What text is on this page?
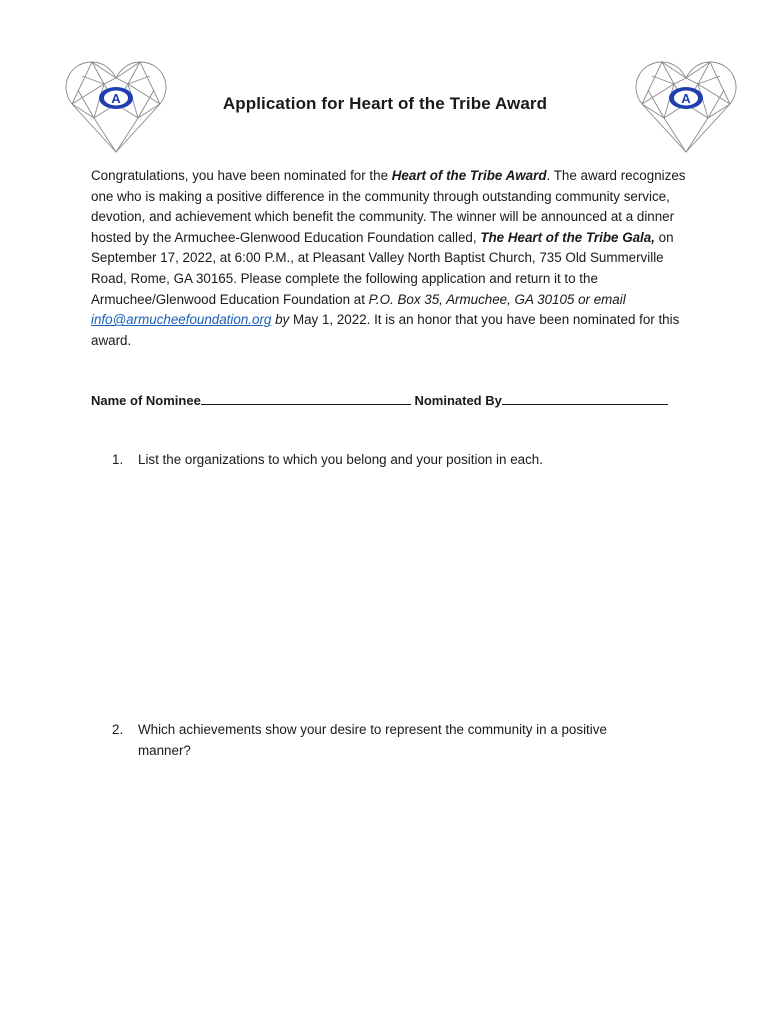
A	A
Application for Heart of the Tribe Award
Congratulations, you have been nominated for the Heart of the Tribe Award. The award recognizes one who is making a positive difference in the community through outstanding community service, devotion, and achievement which benefit the community. The winner will be announced at a dinner hosted by the Armuchee-Glenwood Education Foundation called, The Heart of the Tribe Gala, on September 17, 2022, at 6:00 P.M., at Pleasant Valley North Baptist Church, 735 Old Summerville Road, Rome, GA 30165. Please complete the following application and return it to the Armuchee/Glenwood Education Foundation at P.O. Box 35, Armuchee, GA 30105 or email info@armucheefoundation.org by May 1, 2022. It is an honor that you have been nominated for this award.
Name of Nominee	Nominated By
1. List the organizations to which you belong and your position in each.
2. Which achievements show your desire to represent the community in a positive manner?
